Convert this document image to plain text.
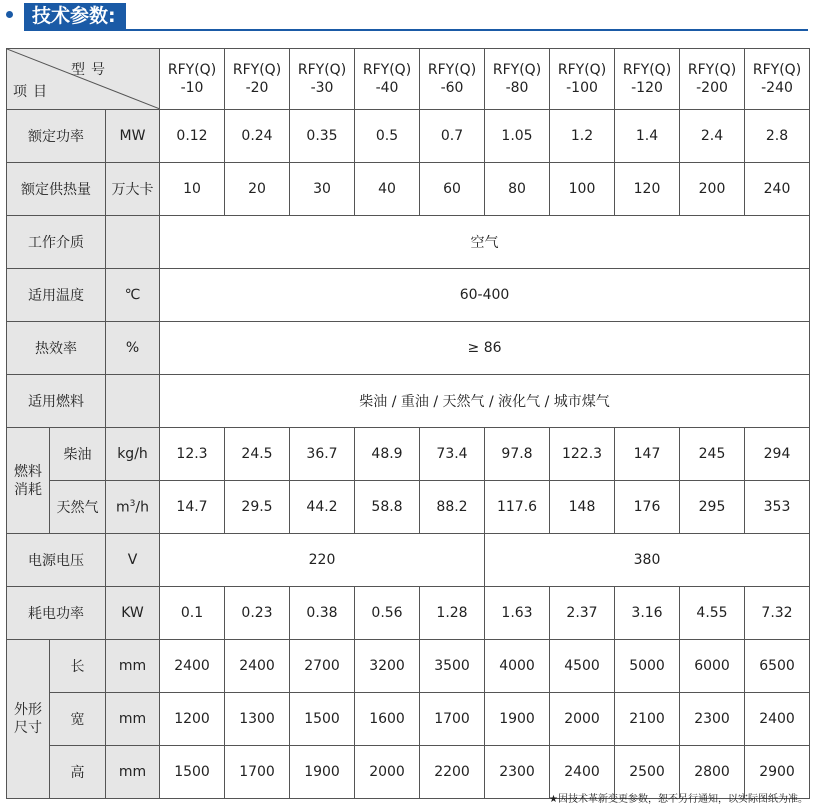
技术参数:
型号
项目			RFY(Q) -10	RFY(Q) -20	RFY(Q) -30	RFY(Q) -40	RFY(Q) -60	RFY(Q) -80	RFY(Q) -100	RFY(Q) -120	RFY(Q) -200	RFY(Q) -240
额定功率		MW	0.12	0.24	0.35	0.5	0.7	1.05	1.2	1.4	2.4	2.8
额定供热量		万大卡	10	20	30	40	60	80	100	120	200	240
工作介质			空气									
适用温度		℃	60-400									
热效率		%	≥ 86									
适用燃料			柴油 / 重油 / 天然气 / 液化气 / 城市煤气									
燃料 消耗	柴油	kg/h	12.3	24.5	36.7	48.9	73.4	97.8	122.3	147	245	294
	天然气	$m^3/h$	14.7	29.5	44.2	58.8	88.2	117.6	148	176	295	353
电源电压		V	220					380				
耗电功率		KW	0.1	0.23	0.38	0.56	1.28	1.63	2.37	3.16	4.55	7.32
外形 尺寸	长	mm	2400	2400	2700	3200	3500	4000	4500	5000	6000	6500
	宽	mm	1200	1300	1500	1600	1700	1900	2000	2100	2300	2400
	高	mm	1500	1700	1900	2000	2200	2300	2400	2500	2800	2900
★因技术革新变更参数，恕不另行通知，以实际图纸为准。
